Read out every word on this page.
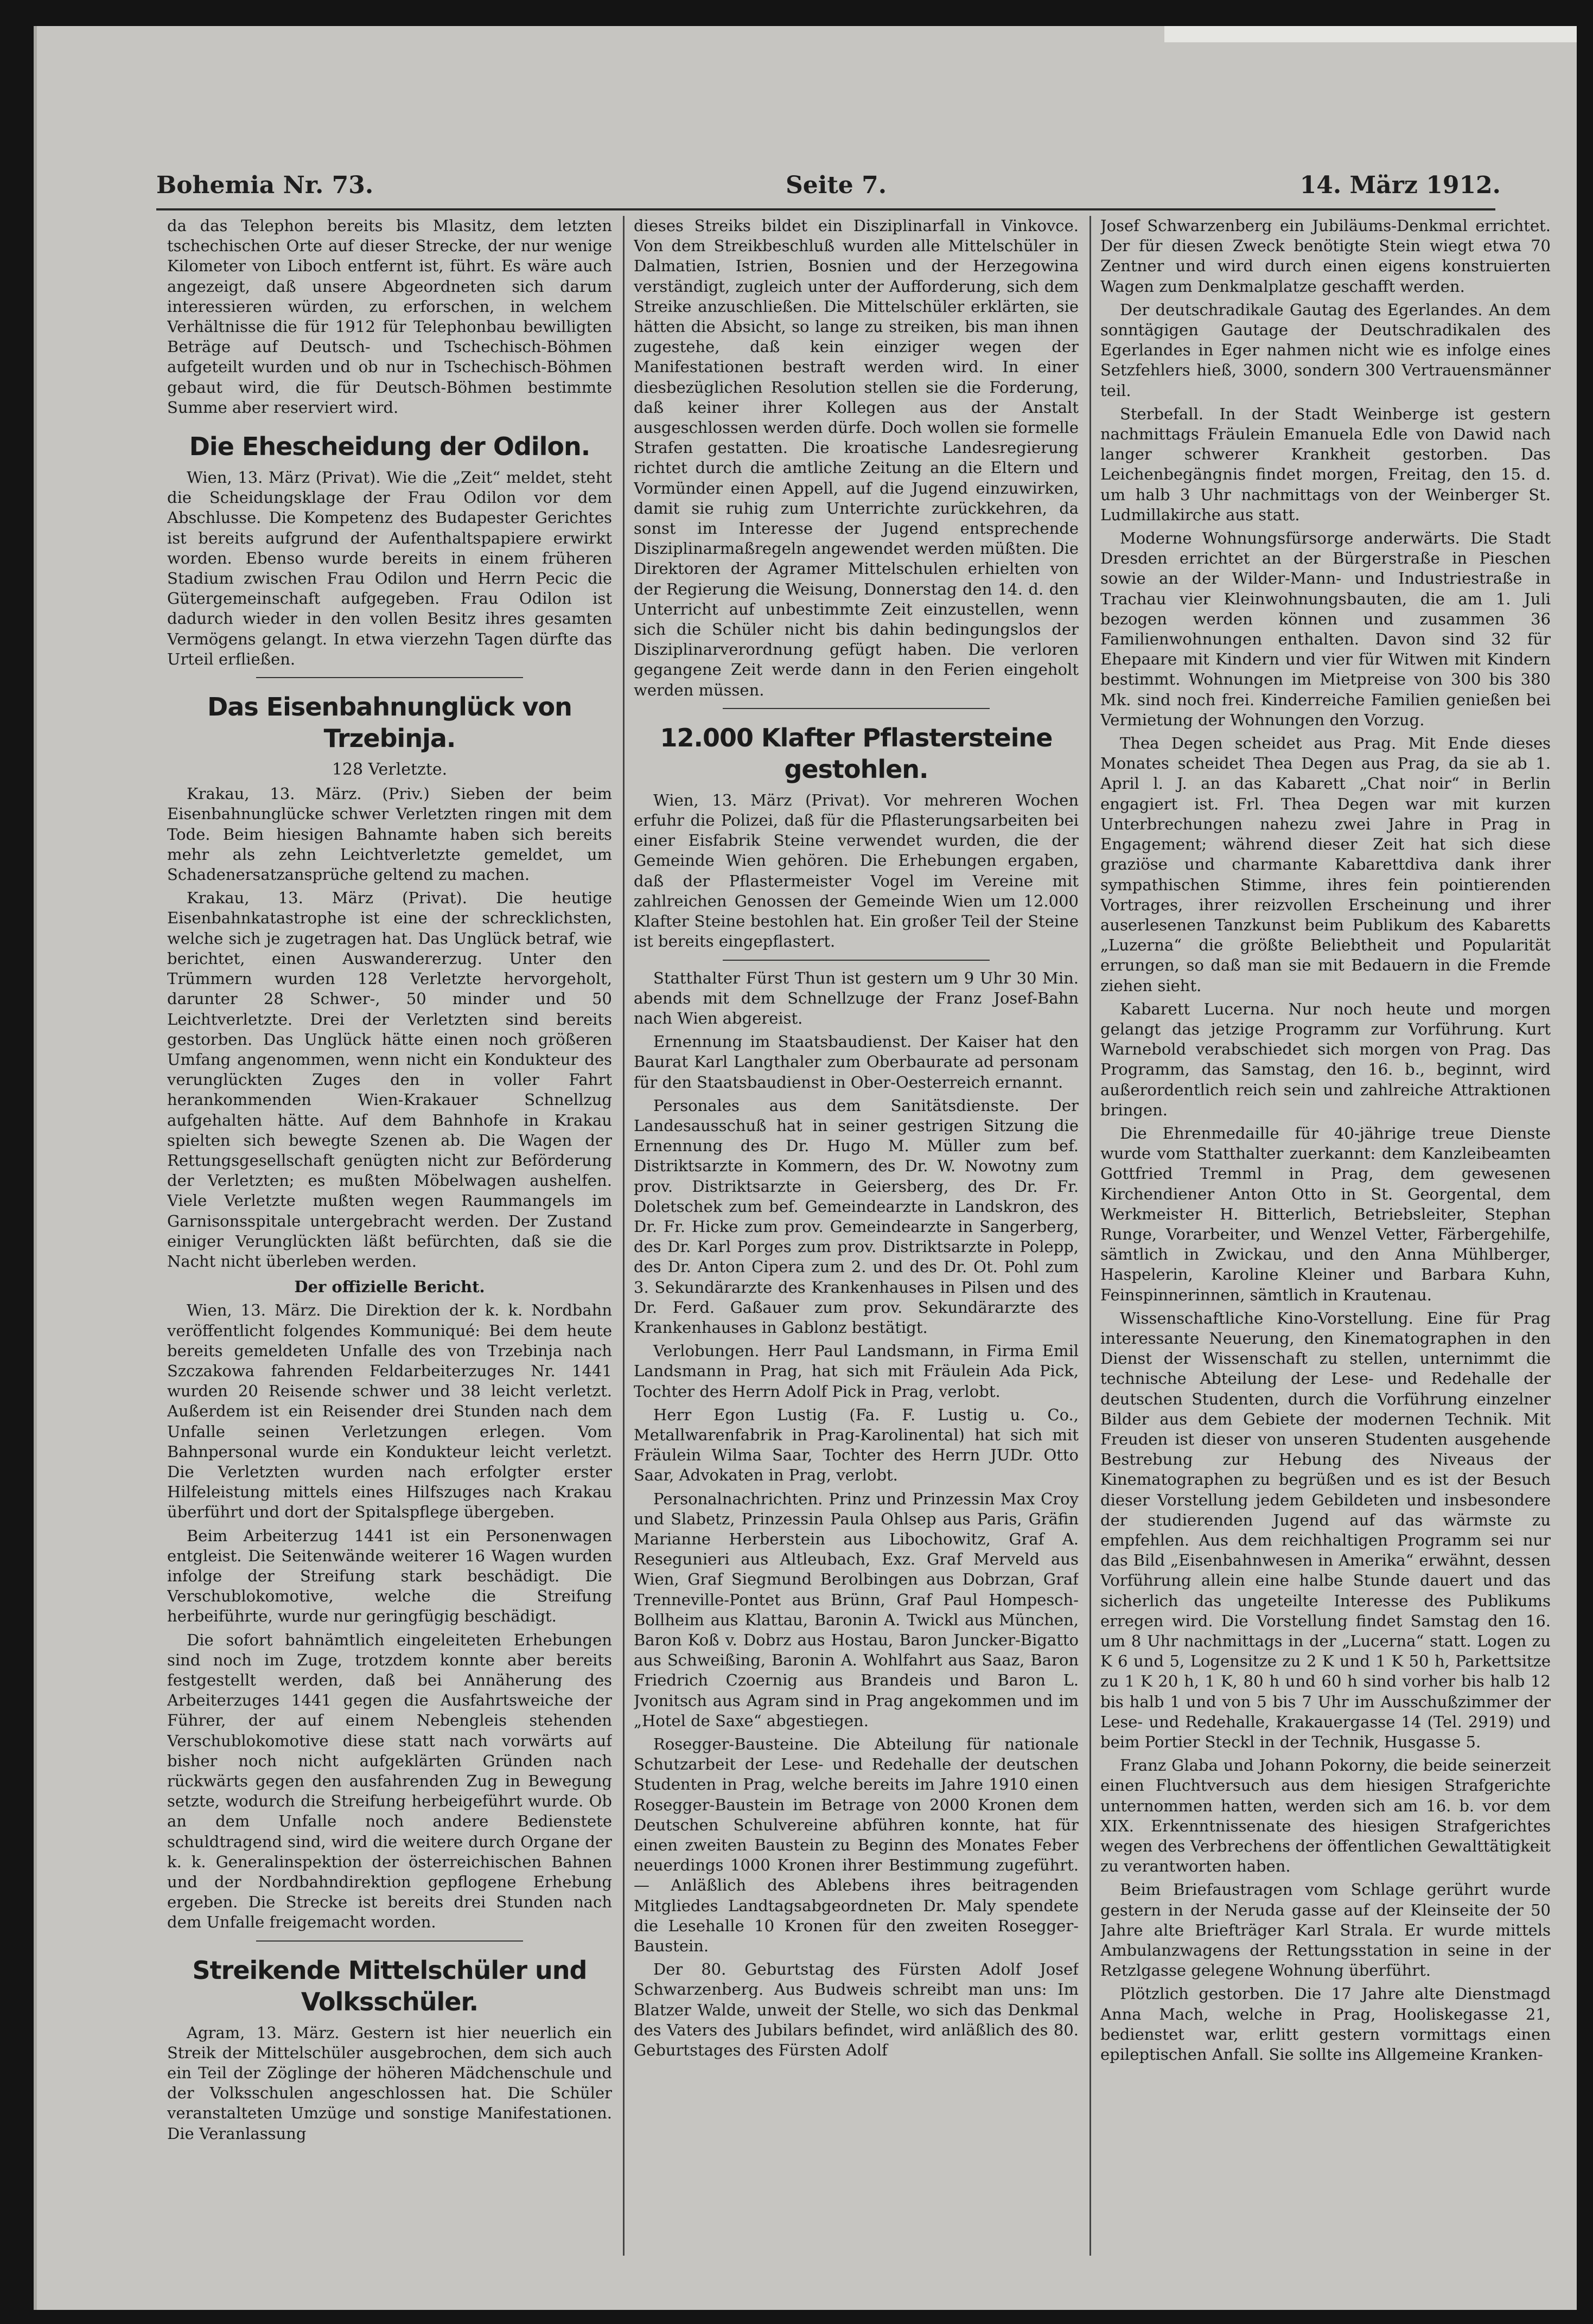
Bohemia Nr. 73.	Seite 7.	14. März 1912.

da das Telephon bereits bis Mlasitz, dem letzten tschechischen Orte auf dieser Strecke, der nur wenige Kilometer von Liboch entfernt ist, führt. Es wäre auch angezeigt, daß unsere Abgeordneten sich darum interessieren würden, zu erforschen, in welchem Verhältnisse die für 1912 für Telephonbau bewilligten Beträge auf Deutsch- und Tschechisch-Böhmen aufgeteilt wurden und ob nur in Tschechisch-Böhmen gebaut wird, die für Deutsch-Böhmen bestimmte Summe aber reserviert wird.

Die Ehescheidung der Odilon.

Wien, 13. März (Privat). Wie die „Zeit“ meldet, steht die Scheidungsklage der Frau Odilon vor dem Abschlusse. Die Kompetenz des Budapester Gerichtes ist bereits aufgrund der Aufenthaltspapiere erwirkt worden. Ebenso wurde bereits in einem früheren Stadium zwischen Frau Odilon und Herrn Pecic die Gütergemeinschaft aufgegeben. Frau Odilon ist dadurch wieder in den vollen Besitz ihres gesamten Vermögens gelangt. In etwa vierzehn Tagen dürfte das Urteil erfließen.

Das Eisenbahnunglück von Trzebinja.
128 Verletzte.

Krakau, 13. März. (Priv.) Sieben der beim Eisenbahnunglücke schwer Verletzten ringen mit dem Tode. Beim hiesigen Bahnamte haben sich bereits mehr als zehn Leichtverletzte gemeldet, um Schadenersatzansprüche geltend zu machen.

Krakau, 13. März (Privat). Die heutige Eisenbahnkatastrophe ist eine der schrecklichsten, welche sich je zugetragen hat. Das Unglück betraf, wie berichtet, einen Auswandererzug. Unter den Trümmern wurden 128 Verletzte hervorgeholt, darunter 28 Schwer-, 50 minder und 50 Leichtverletzte. Drei der Verletzten sind bereits gestorben. Das Unglück hätte einen noch größeren Umfang angenommen, wenn nicht ein Kondukteur des verunglückten Zuges den in voller Fahrt herankommenden Wien-Krakauer Schnellzug aufgehalten hätte. Auf dem Bahnhofe in Krakau spielten sich bewegte Szenen ab. Die Wagen der Rettungsgesellschaft genügten nicht zur Beförderung der Verletzten; es mußten Möbelwagen aushelfen. Viele Verletzte mußten wegen Raummangels im Garnisonsspitale untergebracht werden. Der Zustand einiger Verunglückten läßt befürchten, daß sie die Nacht nicht überleben werden.

Der offizielle Bericht.

Wien, 13. März. Die Direktion der k. k. Nordbahn veröffentlicht folgendes Kommuniqué: Bei dem heute bereits gemeldeten Unfalle des von Trzebinja nach Szczakowa fahrenden Feldarbeiterzuges Nr. 1441 wurden 20 Reisende schwer und 38 leicht verletzt. Außerdem ist ein Reisender drei Stunden nach dem Unfalle seinen Verletzungen erlegen. Vom Bahnpersonal wurde ein Kondukteur leicht verletzt. Die Verletzten wurden nach erfolgter erster Hilfeleistung mittels eines Hilfszuges nach Krakau überführt und dort der Spitalspflege übergeben.

Beim Arbeiterzug 1441 ist ein Personenwagen entgleist. Die Seitenwände weiterer 16 Wagen wurden infolge der Streifung stark beschädigt. Die Verschublokomotive, welche die Streifung herbeiführte, wurde nur geringfügig beschädigt.

Die sofort bahnämtlich eingeleiteten Erhebungen sind noch im Zuge, trotzdem konnte aber bereits festgestellt werden, daß bei Annäherung des Arbeiterzuges 1441 gegen die Ausfahrtsweiche der Führer, der auf einem Nebengleis stehenden Verschublokomotive diese statt nach vorwärts auf bisher noch nicht aufgeklärten Gründen nach rückwärts gegen den ausfahrenden Zug in Bewegung setzte, wodurch die Streifung herbeigeführt wurde. Ob an dem Unfalle noch andere Bedienstete schuldtragend sind, wird die weitere durch Organe der k. k. Generalinspektion der österreichischen Bahnen und der Nordbahndirektion gepflogene Erhebung ergeben. Die Strecke ist bereits drei Stunden nach dem Unfalle freigemacht worden.

Streikende Mittelschüler und Volksschüler.

Agram, 13. März. Gestern ist hier neuerlich ein Streik der Mittelschüler ausgebrochen, dem sich auch ein Teil der Zöglinge der höheren Mädchenschule und der Volksschulen angeschlossen hat. Die Schüler veranstalteten Umzüge und sonstige Manifestationen. Die Veranlassung

dieses Streiks bildet ein Disziplinarfall in Vinkovce. Von dem Streikbeschluß wurden alle Mittelschüler in Dalmatien, Istrien, Bosnien und der Herzegowina verständigt, zugleich unter der Aufforderung, sich dem Streike anzuschließen. Die Mittelschüler erklärten, sie hätten die Absicht, so lange zu streiken, bis man ihnen zugestehe, daß kein einziger wegen der Manifestationen bestraft werden wird. In einer diesbezüglichen Resolution stellen sie die Forderung, daß keiner ihrer Kollegen aus der Anstalt ausgeschlossen werden dürfe. Doch wollen sie formelle Strafen gestatten. Die kroatische Landesregierung richtet durch die amtliche Zeitung an die Eltern und Vormünder einen Appell, auf die Jugend einzuwirken, damit sie ruhig zum Unterrichte zurückkehren, da sonst im Interesse der Jugend entsprechende Disziplinarmaßregeln angewendet werden müßten. Die Direktoren der Agramer Mittelschulen erhielten von der Regierung die Weisung, Donnerstag den 14. d. den Unterricht auf unbestimmte Zeit einzustellen, wenn sich die Schüler nicht bis dahin bedingungslos der Disziplinarverordnung gefügt haben. Die verloren gegangene Zeit werde dann in den Ferien eingeholt werden müssen.

12.000 Klafter Pflastersteine gestohlen.

Wien, 13. März (Privat). Vor mehreren Wochen erfuhr die Polizei, daß für die Pflasterungsarbeiten bei einer Eisfabrik Steine verwendet wurden, die der Gemeinde Wien gehören. Die Erhebungen ergaben, daß der Pflastermeister Vogel im Vereine mit zahlreichen Genossen der Gemeinde Wien um 12.000 Klafter Steine bestohlen hat. Ein großer Teil der Steine ist bereits eingepflastert.

Statthalter Fürst Thun ist gestern um 9 Uhr 30 Min. abends mit dem Schnellzuge der Franz Josef-Bahn nach Wien abgereist.

Ernennung im Staatsbaudienst. Der Kaiser hat den Baurat Karl Langthaler zum Oberbaurate ad personam für den Staatsbaudienst in Ober-Oesterreich ernannt.

Personales aus dem Sanitätsdienste. Der Landesausschuß hat in seiner gestrigen Sitzung die Ernennung des Dr. Hugo M. Müller zum bef. Distriktsarzte in Kommern, des Dr. W. Nowotny zum prov. Distriktsarzte in Geiersberg, des Dr. Fr. Doletschek zum bef. Gemeindearzte in Landskron, des Dr. Fr. Hicke zum prov. Gemeindearzte in Sangerberg, des Dr. Karl Porges zum prov. Distriktsarzte in Polepp, des Dr. Anton Cipera zum 2. und des Dr. Ot. Pohl zum 3. Sekundärarzte des Krankenhauses in Pilsen und des Dr. Ferd. Gaßauer zum prov. Sekundärarzte des Krankenhauses in Gablonz bestätigt.

Verlobungen. Herr Paul Landsmann, in Firma Emil Landsmann in Prag, hat sich mit Fräulein Ada Pick, Tochter des Herrn Adolf Pick in Prag, verlobt.

Herr Egon Lustig (Fa. F. Lustig u. Co., Metallwarenfabrik in Prag-Karolinental) hat sich mit Fräulein Wilma Saar, Tochter des Herrn JUDr. Otto Saar, Advokaten in Prag, verlobt.

Personalnachrichten. Prinz und Prinzessin Max Croy und Slabetz, Prinzessin Paula Ohlsep aus Paris, Gräfin Marianne Herberstein aus Libochowitz, Graf A. Resegunieri aus Altleubach, Exz. Graf Merveld aus Wien, Graf Siegmund Berolbingen aus Dobrzan, Graf Trenneville-Pontet aus Brünn, Graf Paul Hompesch-Bollheim aus Klattau, Baronin A. Twickl aus München, Baron Koß v. Dobrz aus Hostau, Baron Juncker-Bigatto aus Schweißing, Baronin A. Wohlfahrt aus Saaz, Baron Friedrich Czoernig aus Brandeis und Baron L. Jvonitsch aus Agram sind in Prag angekommen und im „Hotel de Saxe“ abgestiegen.

Rosegger-Bausteine. Die Abteilung für nationale Schutzarbeit der Lese- und Redehalle der deutschen Studenten in Prag, welche bereits im Jahre 1910 einen Rosegger-Baustein im Betrage von 2000 Kronen dem Deutschen Schulvereine abführen konnte, hat für einen zweiten Baustein zu Beginn des Monates Feber neuerdings 1000 Kronen ihrer Bestimmung zugeführt. — Anläßlich des Ablebens ihres beitragenden Mitgliedes Landtagsabgeordneten Dr. Maly spendete die Lesehalle 10 Kronen für den zweiten Rosegger-Baustein.

Der 80. Geburtstag des Fürsten Adolf Josef Schwarzenberg. Aus Budweis schreibt man uns: Im Blatzer Walde, unweit der Stelle, wo sich das Denkmal des Vaters des Jubilars befindet, wird anläßlich des 80. Geburtstages des Fürsten Adolf

Josef Schwarzenberg ein Jubiläums-Denkmal errichtet. Der für diesen Zweck benötigte Stein wiegt etwa 70 Zentner und wird durch einen eigens konstruierten Wagen zum Denkmalplatze geschafft werden.

Der deutschradikale Gautag des Egerlandes. An dem sonntägigen Gautage der Deutschradikalen des Egerlandes in Eger nahmen nicht wie es infolge eines Setzfehlers hieß, 3000, sondern 300 Vertrauensmänner teil.

Sterbefall. In der Stadt Weinberge ist gestern nachmittags Fräulein Emanuela Edle von Dawid nach langer schwerer Krankheit gestorben. Das Leichenbegängnis findet morgen, Freitag, den 15. d. um halb 3 Uhr nachmittags von der Weinberger St. Ludmillakirche aus statt.

Moderne Wohnungsfürsorge anderwärts. Die Stadt Dresden errichtet an der Bürgerstraße in Pieschen sowie an der Wilder-Mann- und Industriestraße in Trachau vier Kleinwohnungsbauten, die am 1. Juli bezogen werden können und zusammen 36 Familienwohnungen enthalten. Davon sind 32 für Ehepaare mit Kindern und vier für Witwen mit Kindern bestimmt. Wohnungen im Mietpreise von 300 bis 380 Mk. sind noch frei. Kinderreiche Familien genießen bei Vermietung der Wohnungen den Vorzug.

Thea Degen scheidet aus Prag. Mit Ende dieses Monates scheidet Thea Degen aus Prag, da sie ab 1. April l. J. an das Kabarett „Chat noir“ in Berlin engagiert ist. Frl. Thea Degen war mit kurzen Unterbrechungen nahezu zwei Jahre in Prag in Engagement; während dieser Zeit hat sich diese graziöse und charmante Kabarettdiva dank ihrer sympathischen Stimme, ihres fein pointierenden Vortrages, ihrer reizvollen Erscheinung und ihrer auserlesenen Tanzkunst beim Publikum des Kabaretts „Luzerna“ die größte Beliebtheit und Popularität errungen, so daß man sie mit Bedauern in die Fremde ziehen sieht.

Kabarett Lucerna. Nur noch heute und morgen gelangt das jetzige Programm zur Vorführung. Kurt Warnebold verabschiedet sich morgen von Prag. Das Programm, das Samstag, den 16. b., beginnt, wird außerordentlich reich sein und zahlreiche Attraktionen bringen.

Die Ehrenmedaille für 40-jährige treue Dienste wurde vom Statthalter zuerkannt: dem Kanzleibeamten Gottfried Tremml in Prag, dem gewesenen Kirchendiener Anton Otto in St. Georgental, dem Werkmeister H. Bitterlich, Betriebsleiter, Stephan Runge, Vorarbeiter, und Wenzel Vetter, Färbergehilfe, sämtlich in Zwickau, und den Anna Mühlberger, Haspelerin, Karoline Kleiner und Barbara Kuhn, Feinspinnerinnen, sämtlich in Krautenau.

Wissenschaftliche Kino-Vorstellung. Eine für Prag interessante Neuerung, den Kinematographen in den Dienst der Wissenschaft zu stellen, unternimmt die technische Abteilung der Lese- und Redehalle der deutschen Studenten, durch die Vorführung einzelner Bilder aus dem Gebiete der modernen Technik. Mit Freuden ist dieser von unseren Studenten ausgehende Bestrebung zur Hebung des Niveaus der Kinematographen zu begrüßen und es ist der Besuch dieser Vorstellung jedem Gebildeten und insbesondere der studierenden Jugend auf das wärmste zu empfehlen. Aus dem reichhaltigen Programm sei nur das Bild „Eisenbahnwesen in Amerika“ erwähnt, dessen Vorführung allein eine halbe Stunde dauert und das sicherlich das ungeteilte Interesse des Publikums erregen wird. Die Vorstellung findet Samstag den 16. um 8 Uhr nachmittags in der „Lucerna“ statt. Logen zu K 6 und 5, Logensitze zu 2 K und 1 K 50 h, Parkettsitze zu 1 K 20 h, 1 K, 80 h und 60 h sind vorher bis halb 12 bis halb 1 und von 5 bis 7 Uhr im Ausschußzimmer der Lese- und Redehalle, Krakauergasse 14 (Tel. 2919) und beim Portier Steckl in der Technik, Husgasse 5.

Franz Glaba und Johann Pokorny, die beide seinerzeit einen Fluchtversuch aus dem hiesigen Strafgerichte unternommen hatten, werden sich am 16. b. vor dem XIX. Erkenntnissenate des hiesigen Strafgerichtes wegen des Verbrechens der öffentlichen Gewalttätigkeit zu verantworten haben.

Beim Briefaustragen vom Schlage gerührt wurde gestern in der Neruda gasse auf der Kleinseite der 50 Jahre alte Briefträger Karl Strala. Er wurde mittels Ambulanzwagens der Rettungsstation in seine in der Retzlgasse gelegene Wohnung überführt.

Plötzlich gestorben. Die 17 Jahre alte Dienstmagd Anna Mach, welche in Prag, Hooliskegasse 21, bedienstet war, erlitt gestern vormittags einen epileptischen Anfall. Sie sollte ins Allgemeine Kranken-
